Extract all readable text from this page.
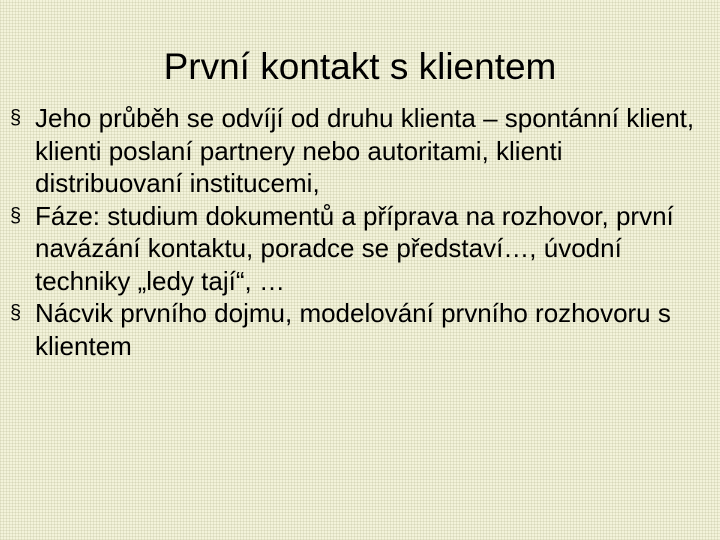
První kontakt s klientem
§ Jeho průběh se odvíjí od druhu klienta – spontánní klient, klienti poslaní partnery nebo autoritami, klienti distribuovaní institucemi,
§ Fáze: studium dokumentů a příprava na rozhovor, první navázání kontaktu, poradce se představí…, úvodní techniky „ledy tají“, …
§ Nácvik prvního dojmu, modelování prvního rozhovoru s klientem
